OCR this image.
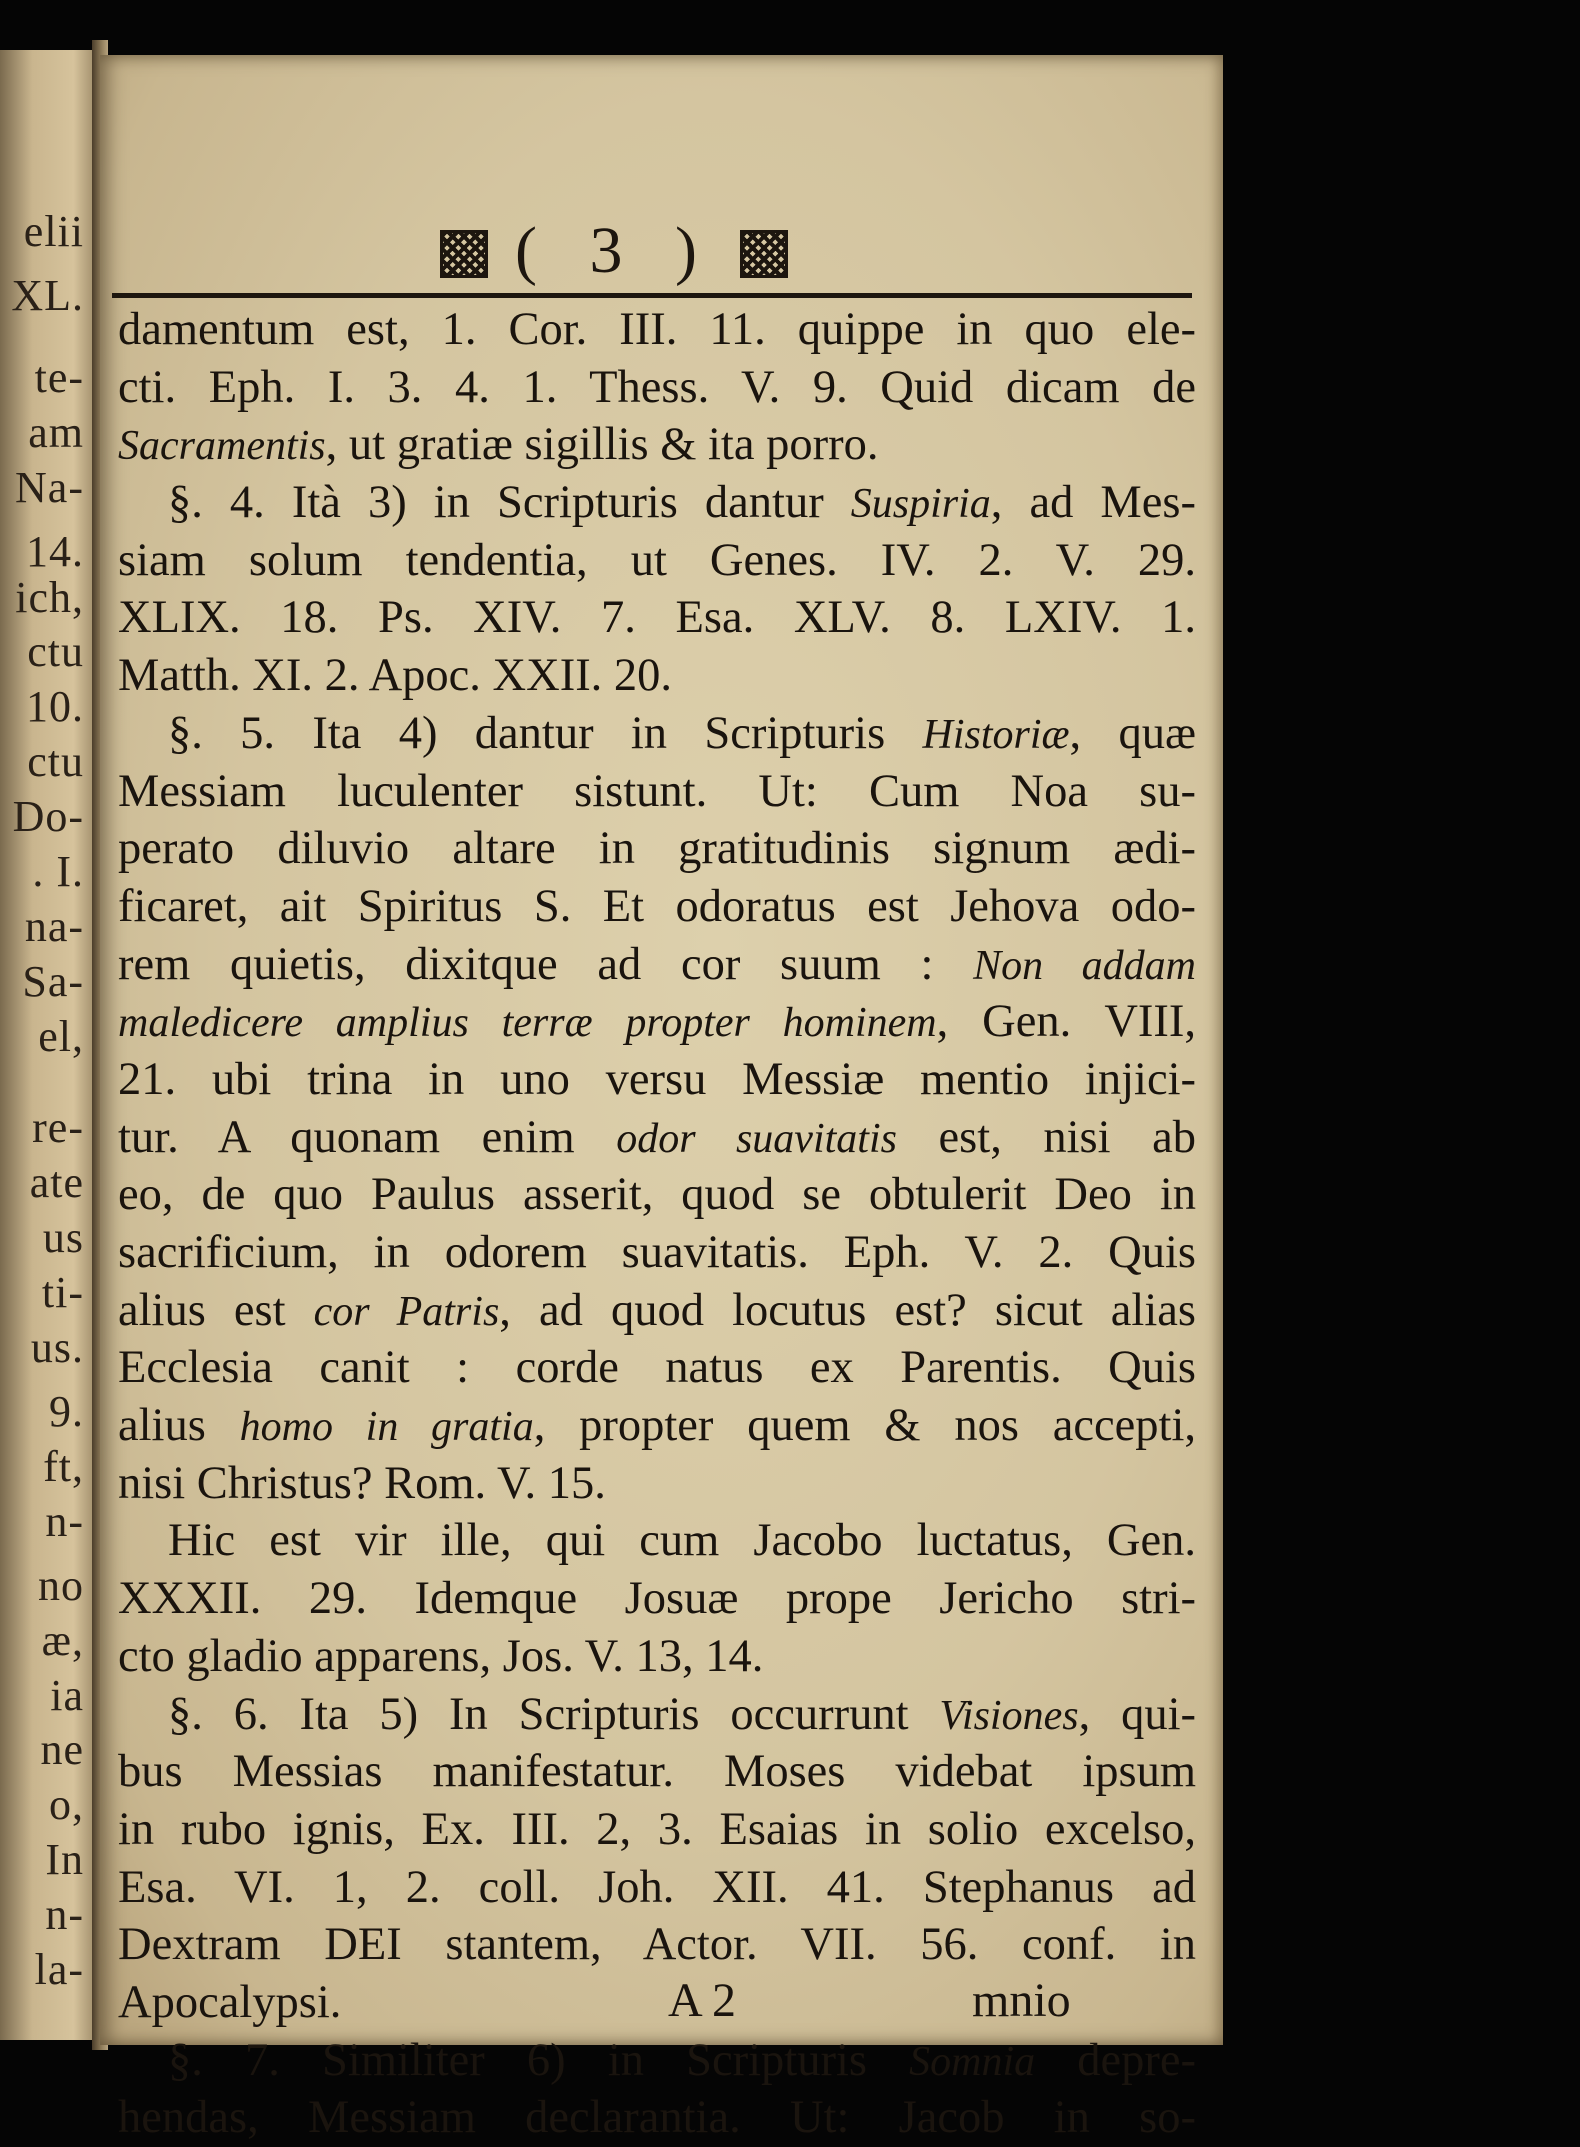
elii
XL.
te-
am
Na-
14.
ich,
ctu
10.
ctu
Do-
. I.
na-
Sa-
el,
re-
ate
us
ti-
us.
9.
ft,
n-
no
æ,
ia
ne
o,
In
n-
la-
( 3 )
damentum est, 1. Cor. III. 11. quippe in quo ele-
cti. Eph. I. 3. 4. 1. Thess. V. 9. Quid dicam de
Sacramentis, ut gratiæ sigillis & ita porro.
§. 4. Ità 3) in Scripturis dantur Suspiria, ad Mes-
siam solum tendentia, ut Genes. IV. 2. V. 29.
XLIX. 18. Ps. XIV. 7. Esa. XLV. 8. LXIV. 1.
Matth. XI. 2. Apoc. XXII. 20.
§. 5. Ita 4) dantur in Scripturis Historiæ, quæ
Messiam luculenter sistunt. Ut: Cum Noa su-
perato diluvio altare in gratitudinis signum ædi-
ficaret, ait Spiritus S. Et odoratus est Jehova odo-
rem quietis, dixitque ad cor suum : Non addam
maledicere amplius terræ propter hominem, Gen. VIII,
21. ubi trina in uno versu Messiæ mentio injici-
tur. A quonam enim odor suavitatis est, nisi ab
eo, de quo Paulus asserit, quod se obtulerit Deo in
sacrificium, in odorem suavitatis. Eph. V. 2. Quis
alius est cor Patris, ad quod locutus est? sicut alias
Ecclesia canit : corde natus ex Parentis. Quis
alius homo in gratia, propter quem & nos accepti,
nisi Christus? Rom. V. 15.
Hic est vir ille, qui cum Jacobo luctatus, Gen.
XXXII. 29. Idemque Josuæ prope Jericho stri-
cto gladio apparens, Jos. V. 13, 14.
§. 6. Ita 5) In Scripturis occurrunt Visiones, qui-
bus Messias manifestatur. Moses videbat ipsum
in rubo ignis, Ex. III. 2, 3. Esaias in solio excelso,
Esa. VI. 1, 2. coll. Joh. XII. 41. Stephanus ad
Dextram DEI stantem, Actor. VII. 56. conf. in
Apocalypsi.
§. 7. Similiter 6) in Scripturis Somnia depre-
hendas, Messiam declarantia. Ut: Jacob in so-
A 2	mnio
